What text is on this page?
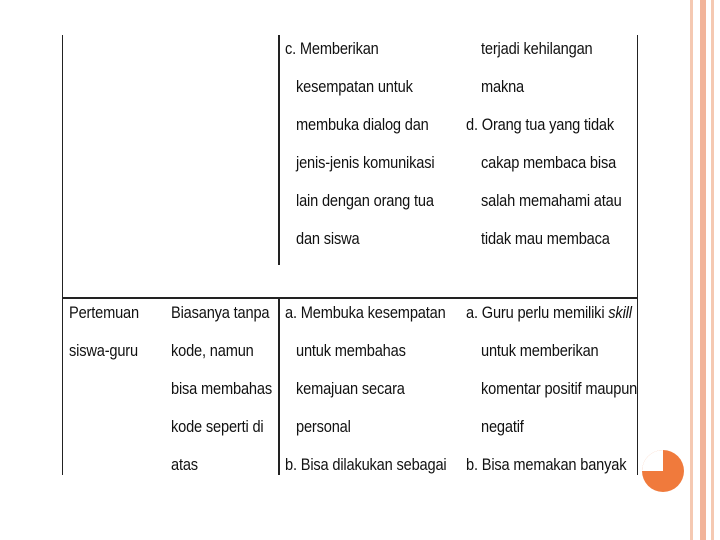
c. Memberikan
kesempatan untuk
membuka dialog dan
jenis-jenis komunikasi
lain dengan orang tua
dan siswa
terjadi kehilangan
makna
d. Orang tua yang tidak
cakap membaca bisa
salah memahami atau
tidak mau membaca
Pertemuan
siswa-guru
Biasanya tanpa
kode, namun
bisa membahas
kode seperti di
atas
a. Membuka kesempatan
untuk membahas
kemajuan secara
personal
b. Bisa dilakukan sebagai
a. Guru perlu memiliki skill
untuk memberikan
komentar positif maupun
negatif
b. Bisa memakan banyak
